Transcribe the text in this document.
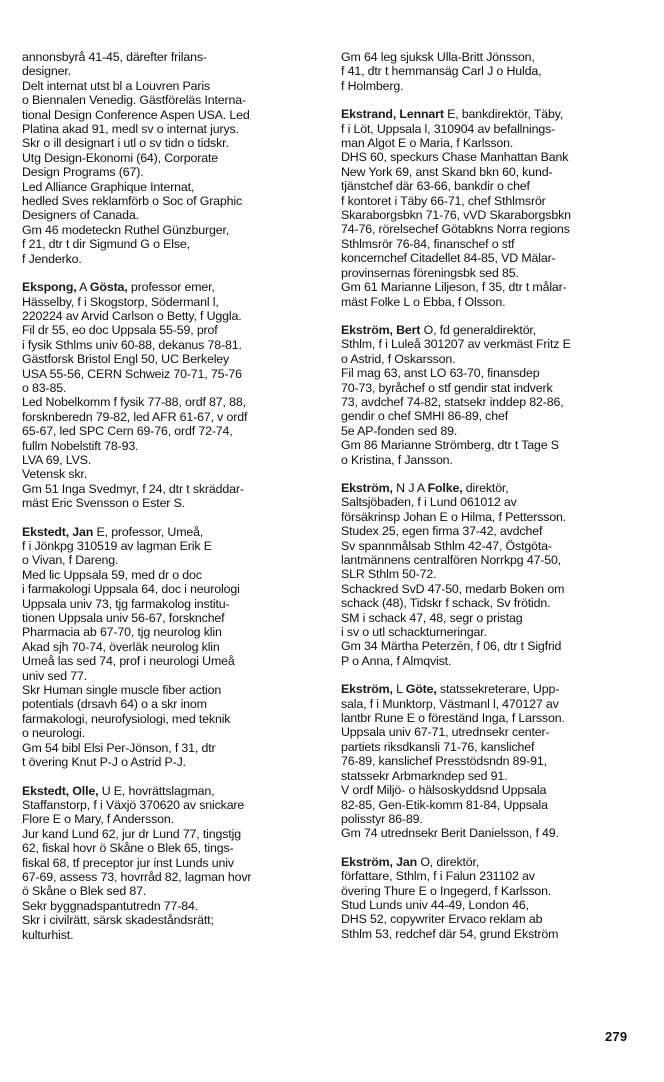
annonsbyrå 41-45, därefter frilans-
designer.
Delt internat utst bl a Louvren Paris
o Biennalen Venedig. Gästföreläs Interna-
tional Design Conference Aspen USA. Led
Platina akad 91, medl sv o internat jurys.
Skr o ill designart i utl o sv tidn o tidskr.
Utg Design-Ekonomi (64), Corporate
Design Programs (67).
Led Alliance Graphique Internat,
hedled Sves reklamförb o Soc of Graphic
Designers of Canada.
Gm 46 modeteckn Ruthel Günzburger,
f 21, dtr t dir Sigmund G o Else,
f Jenderko.
Ekspong, A Gösta, professor emer,
Hässelby, f i Skogstorp, Södermanl l,
220224 av Arvid Carlson o Betty, f Uggla.
Fil dr 55, eo doc Uppsala 55-59, prof
i fysik Sthlms univ 60-88, dekanus 78-81.
Gästforsk Bristol Engl 50, UC Berkeley
USA 55-56, CERN Schweiz 70-71, 75-76
o 83-85.
Led Nobelkomm f fysik 77-88, ordf 87, 88,
forsknberedn 79-82, led AFR 61-67, v ordf
65-67, led SPC Cern 69-76, ordf 72-74,
fullm Nobelstift 78-93.
LVA 69, LVS.
Vetensk skr.
Gm 51 Inga Svedmyr, f 24, dtr t skräddar-
mäst Eric Svensson o Ester S.
Ekstedt, Jan E, professor, Umeå,
f i Jönkpg 310519 av lagman Erik E
o Vivan, f Dareng.
Med lic Uppsala 59, med dr o doc
i farmakologi Uppsala 64, doc i neurologi
Uppsala univ 73, tjg farmakolog institu-
tionen Uppsala univ 56-67, forsknchef
Pharmacia ab 67-70, tjg neurolog klin
Akad sjh 70-74, överläk neurolog klin
Umeå las sed 74, prof i neurologi Umeå
univ sed 77.
Skr Human single muscle fiber action
potentials (drsavh 64) o a skr inom
farmakologi, neurofysiologi, med teknik
o neurologi.
Gm 54 bibl Elsi Per-Jönson, f 31, dtr
t övering Knut P-J o Astrid P-J.
Ekstedt, Olle, U E, hovrättslagman,
Staffanstorp, f i Växjö 370620 av snickare
Flore E o Mary, f Andersson.
Jur kand Lund 62, jur dr Lund 77, tingstjg
62, fiskal hovr ö Skåne o Blek 65, tings-
fiskal 68, tf preceptor jur inst Lunds univ
67-69, assess 73, hovrråd 82, lagman hovr
ö Skåne o Blek sed 87.
Sekr byggnadspantutredn 77-84.
Skr i civilrätt, särsk skadeståndsrätt;
kulturhist.
Gm 64 leg sjuksk Ulla-Britt Jönsson,
f 41, dtr t hemmansäg Carl J o Hulda,
f Holmberg.
Ekstrand, Lennart E, bankdirektör, Täby,
f i Löt, Uppsala l, 310904 av befallnings-
man Algot E o Maria, f Karlsson.
DHS 60, speckurs Chase Manhattan Bank
New York 69, anst Skand bkn 60, kund-
tjänstchef där 63-66, bankdir o chef
f kontoret i Täby 66-71, chef Sthlmsrör
Skaraborgsbkn 71-76, vVD Skaraborgsbkn
74-76, rörelsechef Götabkns Norra regions
Sthlmsrör 76-84, finanschef o stf
koncernchef Citadellet 84-85, VD Mälar-
provinsernas föreningsbk sed 85.
Gm 61 Marianne Liljeson, f 35, dtr t målar-
mäst Folke L o Ebba, f Olsson.
Ekström, Bert O, fd generaldirektör,
Sthlm, f i Luleå 301207 av verkmäst Fritz E
o Astrid, f Oskarsson.
Fil mag 63, anst LO 63-70, finansdep
70-73, byråchef o stf gendir stat indverk
73, avdchef 74-82, statsekr inddep 82-86,
gendir o chef SMHI 86-89, chef
5e AP-fonden sed 89.
Gm 86 Marianne Strömberg, dtr t Tage S
o Kristina, f Jansson.
Ekström, N J A Folke, direktör,
Saltsjöbaden, f i Lund 061012 av
försäkrinsp Johan E o Hilma, f Pettersson.
Studex 25, egen firma 37-42, avdchef
Sv spannmålsab Sthlm 42-47, Östgöta-
lantmännens centralfören Norrkpg 47-50,
SLR Sthlm 50-72.
Schackred SvD 47-50, medarb Boken om
schack (48), Tidskr f schack, Sv frötidn.
SM i schack 47, 48, segr o pristag
i sv o utl schackturneringar.
Gm 34 Märtha Peterzén, f 06, dtr t Sigfrid
P o Anna, f Almqvist.
Ekström, L Göte, statssekreterare, Upp-
sala, f i Munktorp, Västmanl l, 470127 av
lantbr Rune E o föreständ Inga, f Larsson.
Uppsala univ 67-71, utrednsekr center-
partiets riksdkansli 71-76, kanslichef
76-89, kanslichef Presstödsndn 89-91,
statssekr Arbmarkndep sed 91.
V ordf Miljö- o hälsoskyddsnd Uppsala
82-85, Gen-Etik-komm 81-84, Uppsala
polisstyr 86-89.
Gm 74 utrednsekr Berit Danielsson, f 49.
Ekström, Jan O, direktör,
författare, Sthlm, f i Falun 231102 av
övering Thure E o Ingegerd, f Karlsson.
Stud Lunds univ 44-49, London 46,
DHS 52, copywriter Ervaco reklam ab
Sthlm 53, redchef där 54, grund Ekström
279
